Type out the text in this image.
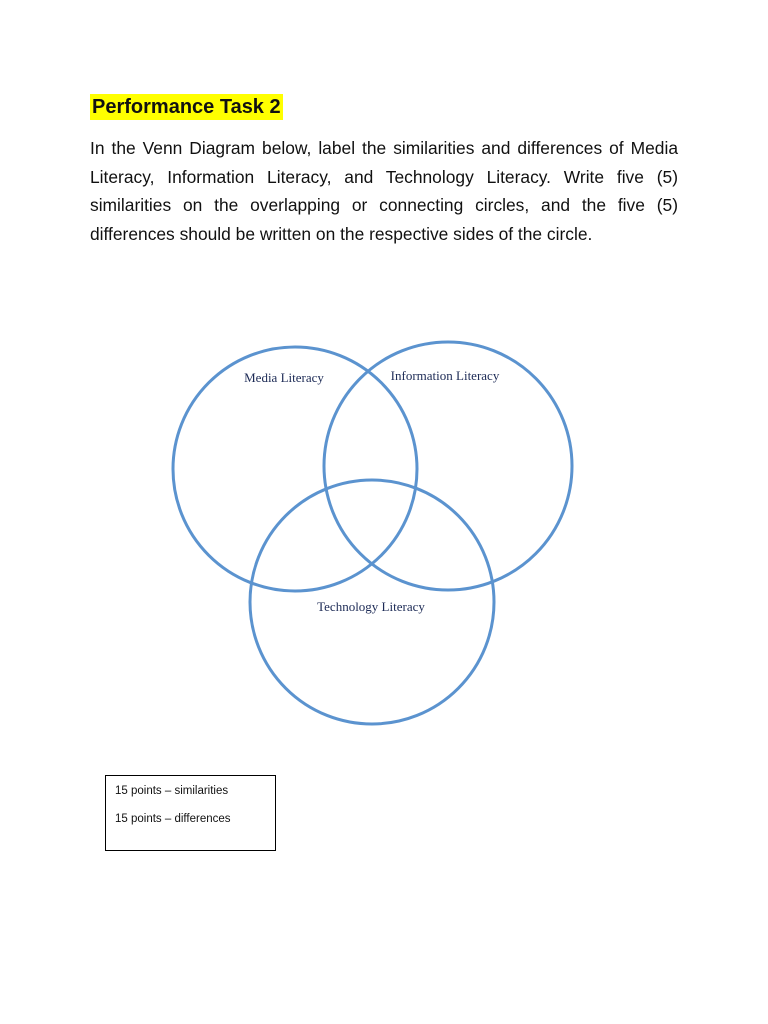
Performance Task 2

In the Venn Diagram below, label the similarities and differences of Media Literacy, Information Literacy, and Technology Literacy. Write five (5) similarities on the overlapping or connecting circles, and the five (5) differences should be written on the respective sides of the circle.

Media Literacy	Information Literacy
Technology Literacy

15 points – similarities

15 points – differences
